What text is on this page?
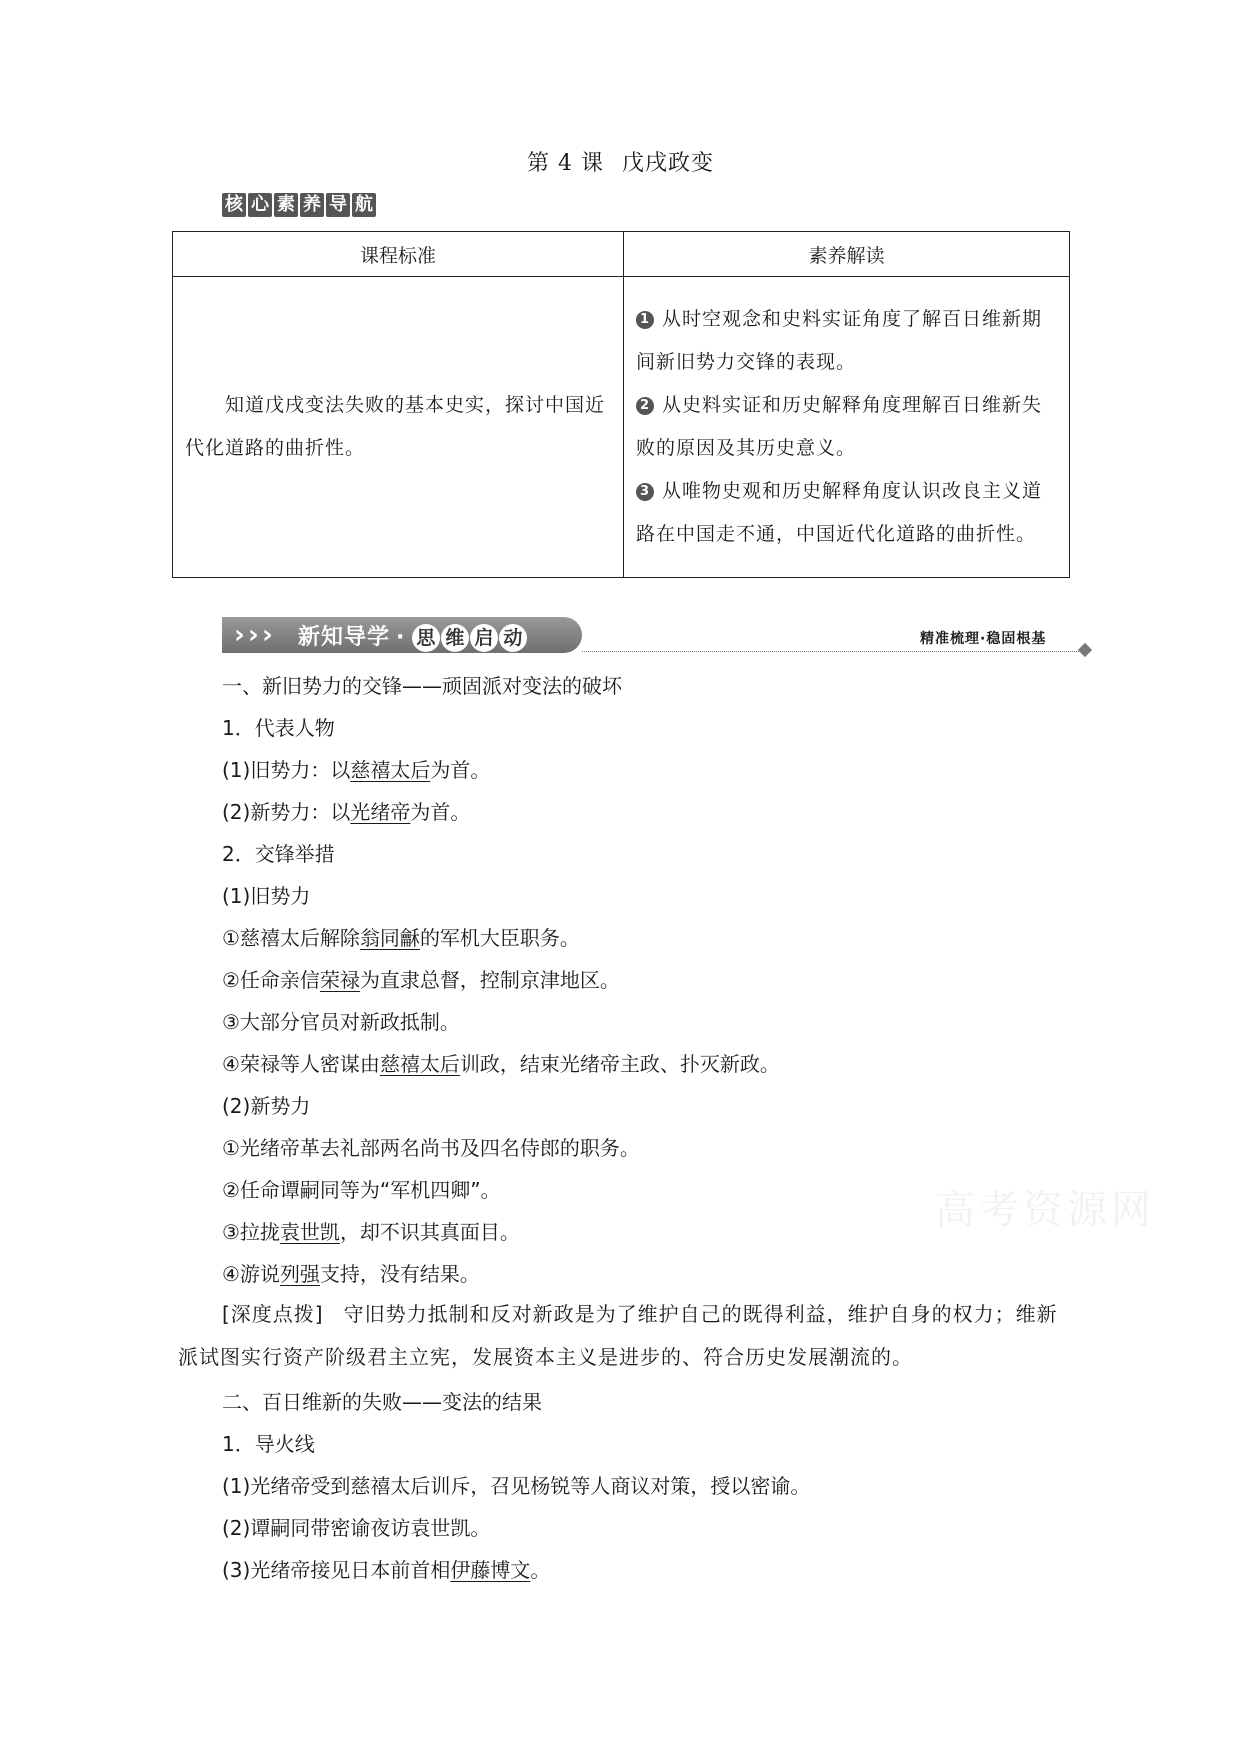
第 4 课 戊戌政变
核 心 素 养 导 航
课程标准	素养解读

知道戊戌变法失败的基本史实，探讨中国近代化道路的曲折性。	1 从时空观念和史料实证角度了解百日维新期间新旧势力交锋的表现。
2 从史料实证和历史解释角度理解百日维新失败的原因及其历史意义。
3 从唯物史观和历史解释角度认识改良主义道路在中国走不通，中国近代化道路的曲折性。
› › › 新知导学 · 思 维 启 动	精准梳理·稳固根基
一、新旧势力的交锋——顽固派对变法的破坏
1．代表人物
(1)旧势力：以慈禧太后为首。
(2)新势力：以光绪帝为首。
2．交锋举措
(1)旧势力
①慈禧太后解除翁同龢的军机大臣职务。
②任命亲信荣禄为直隶总督，控制京津地区。
③大部分官员对新政抵制。
④荣禄等人密谋由慈禧太后训政，结束光绪帝主政、扑灭新政。
(2)新势力
①光绪帝革去礼部两名尚书及四名侍郎的职务。
②任命谭嗣同等为“军机四卿”。
③拉拢袁世凯，却不识其真面目。
④游说列强支持，没有结果。
[深度点拨] 守旧势力抵制和反对新政是为了维护自己的既得利益，维护自身的权力；维新派试图实行资产阶级君主立宪，发展资本主义是进步的、符合历史发展潮流的。
二、百日维新的失败——变法的结果
1．导火线
(1)光绪帝受到慈禧太后训斥，召见杨锐等人商议对策，授以密谕。
(2)谭嗣同带密谕夜访袁世凯。
(3)光绪帝接见日本前首相伊藤博文。
高考资源网
